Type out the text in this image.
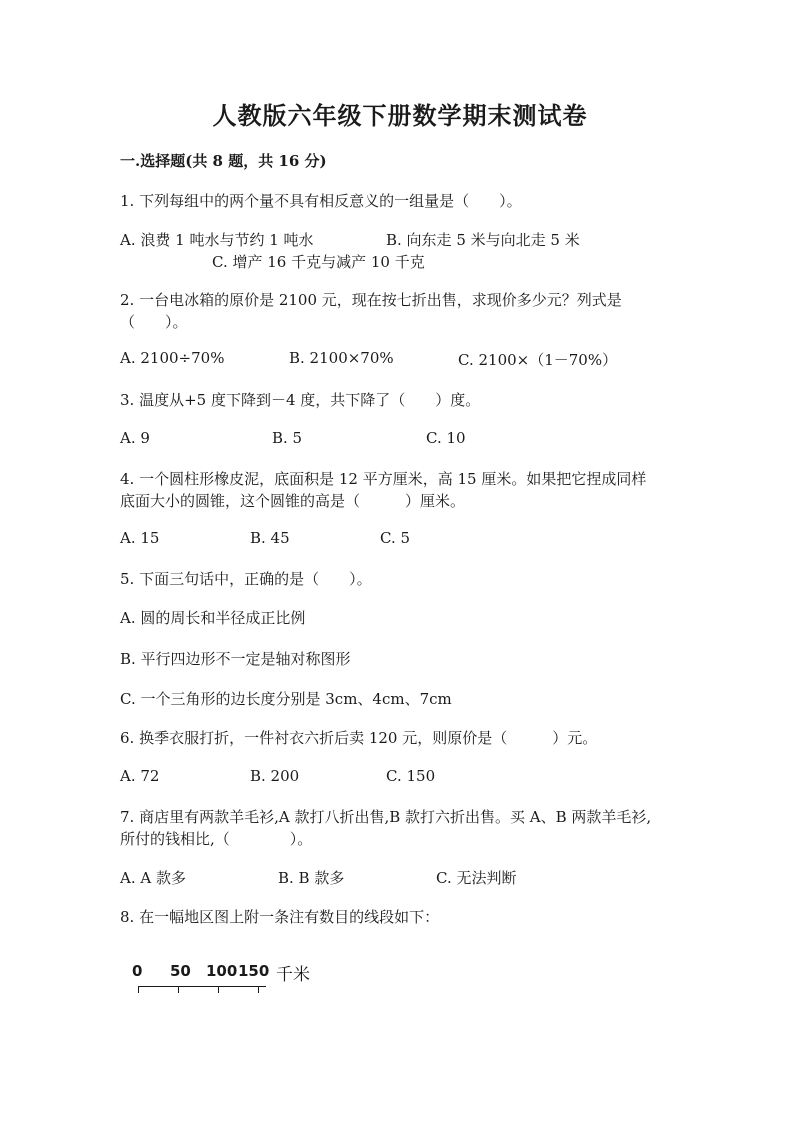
人教版六年级下册数学期末测试卷
一.选择题(共 8 题，共 16 分)
1. 下列每组中的两个量不具有相反意义的一组量是（　　）。
A. 浪费 1 吨水与节约 1 吨水	B. 向东走 5 米与向北走 5 米
C. 增产 16 千克与减产 10 千克
2. 一台电冰箱的原价是 2100 元，现在按七折出售，求现价多少元？列式是
（　　）。
A. 2100÷70%	B. 2100×70%	C. 2100×（1－70%）
3. 温度从+5 度下降到－4 度，共下降了（　　）度。
A. 9	B. 5	C. 10
4. 一个圆柱形橡皮泥，底面积是 12 平方厘米，高 15 厘米。如果把它捏成同样
底面大小的圆锥，这个圆锥的高是（　　　）厘米。
A. 15	B. 45	C. 5
5. 下面三句话中，正确的是（　　）。
A. 圆的周长和半径成正比例
B. 平行四边形不一定是轴对称图形
C. 一个三角形的边长度分别是 3cm、4cm、7cm
6. 换季衣服打折，一件衬衣六折后卖 120 元，则原价是（　　　）元。
A. 72	B. 200	C. 150
7. 商店里有两款羊毛衫,A 款打八折出售,B 款打六折出售。买 A、B 两款羊毛衫,
所付的钱相比,（　　　　）。
A. A 款多	B. B 款多	C. 无法判断
8. 在一幅地区图上附一条注有数目的线段如下：
0 50 100 150 千米
